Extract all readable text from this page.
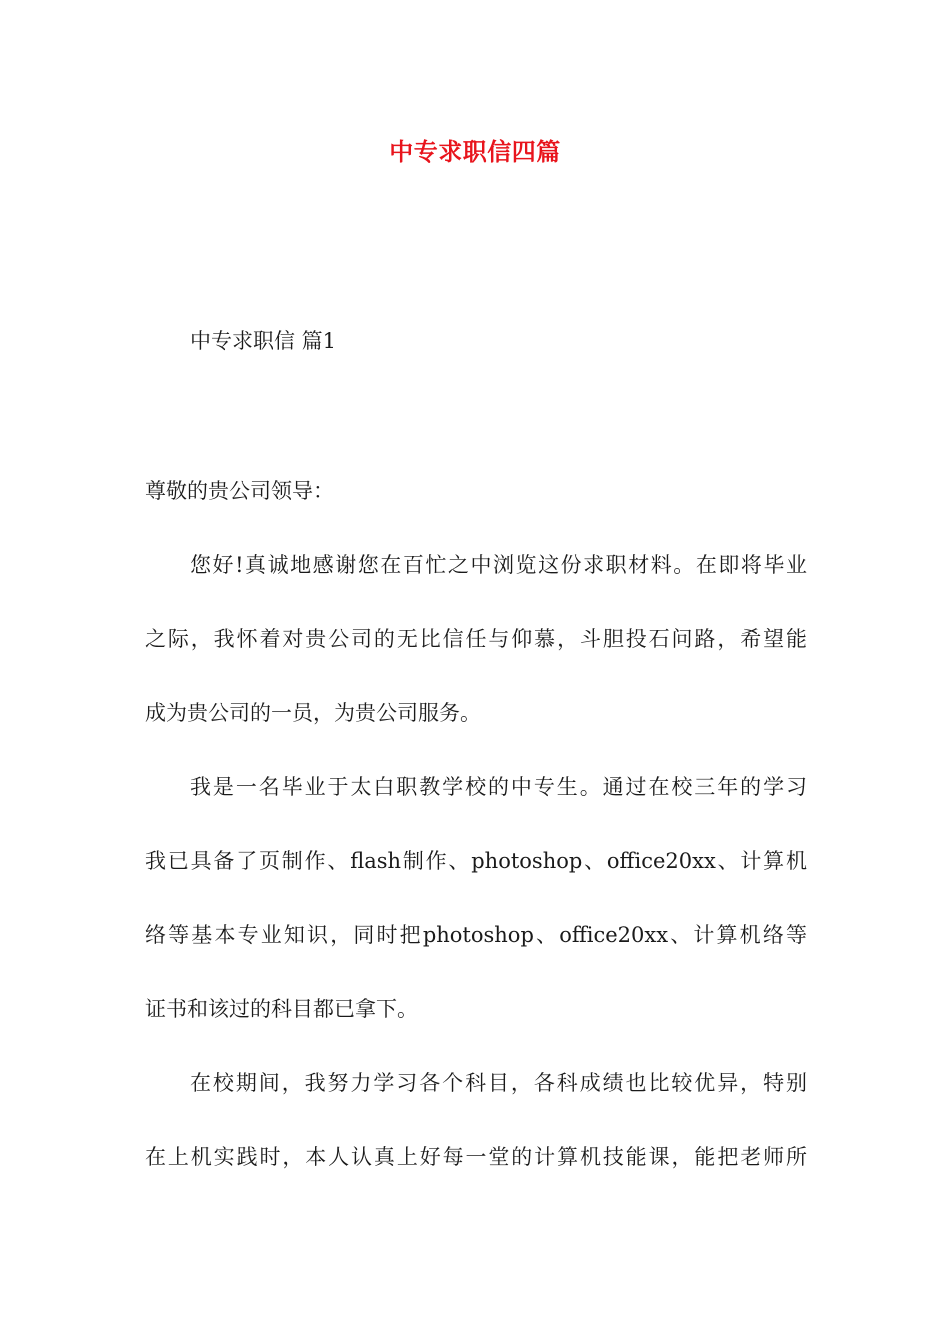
中专求职信四篇
中专求职信 篇1
尊敬的贵公司领导：
您好!真诚地感谢您在百忙之中浏览这份求职材料。在即将毕业
之际，我怀着对贵公司的无比信任与仰慕，斗胆投石问路，希望能
成为贵公司的一员，为贵公司服务。
我是一名毕业于太白职教学校的中专生。通过在校三年的学习
我已具备了页制作、flash制作、photoshop、office20xx、计算机
络等基本专业知识，同时把photoshop、office20xx、计算机络等
证书和该过的科目都已拿下。
在校期间，我努力学习各个科目，各科成绩也比较优异，特别
在上机实践时，本人认真上好每一堂的计算机技能课，能把老师所
